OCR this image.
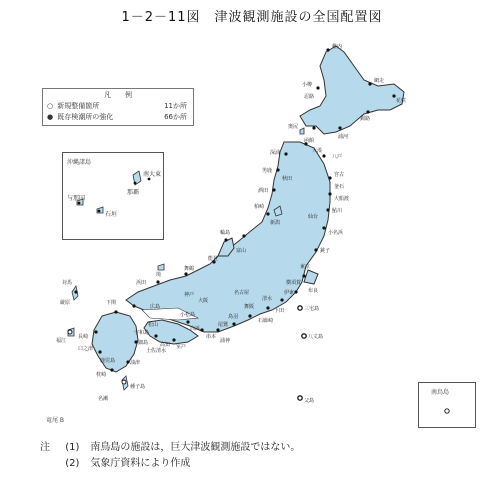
1－2－11図　津波観測施設の全国配置図
稚内
網走
花咲
釧路
浦河
函館
小樽
忍路
奥尻
大湊
八戸
宮古
釜石
大船渡
鮎川
仙台
小名浜
深浦
男鹿
酒田
秋田
銚子
布良
東京
横須賀
伊東
石廊崎
下田	三宅島
八丈島
父島
柏崎
新潟
輪島
富山
能登
清水
舞阪
名古屋
鳥羽
尾鷲
串本
白浜
大阪
神戸
舞鶴
浦神
境
浜田
下関
宇和島
土佐清水
室戸
高知
小松島
松山
広島
対馬
厳原
福江
長崎
口之津
細島
油津
鹿児島
枕崎
種子島
名瀬
凡　　例
○ 新規整備箇所	11か所
● 既存検潮所の強化	66か所
沖縄諸島
那覇
南大東
石垣
与那国
南鳥島
竜尾 B
注 (1) 南鳥島の施設は，巨大津波観測施設ではない。
(2) 気象庁資料により作成
